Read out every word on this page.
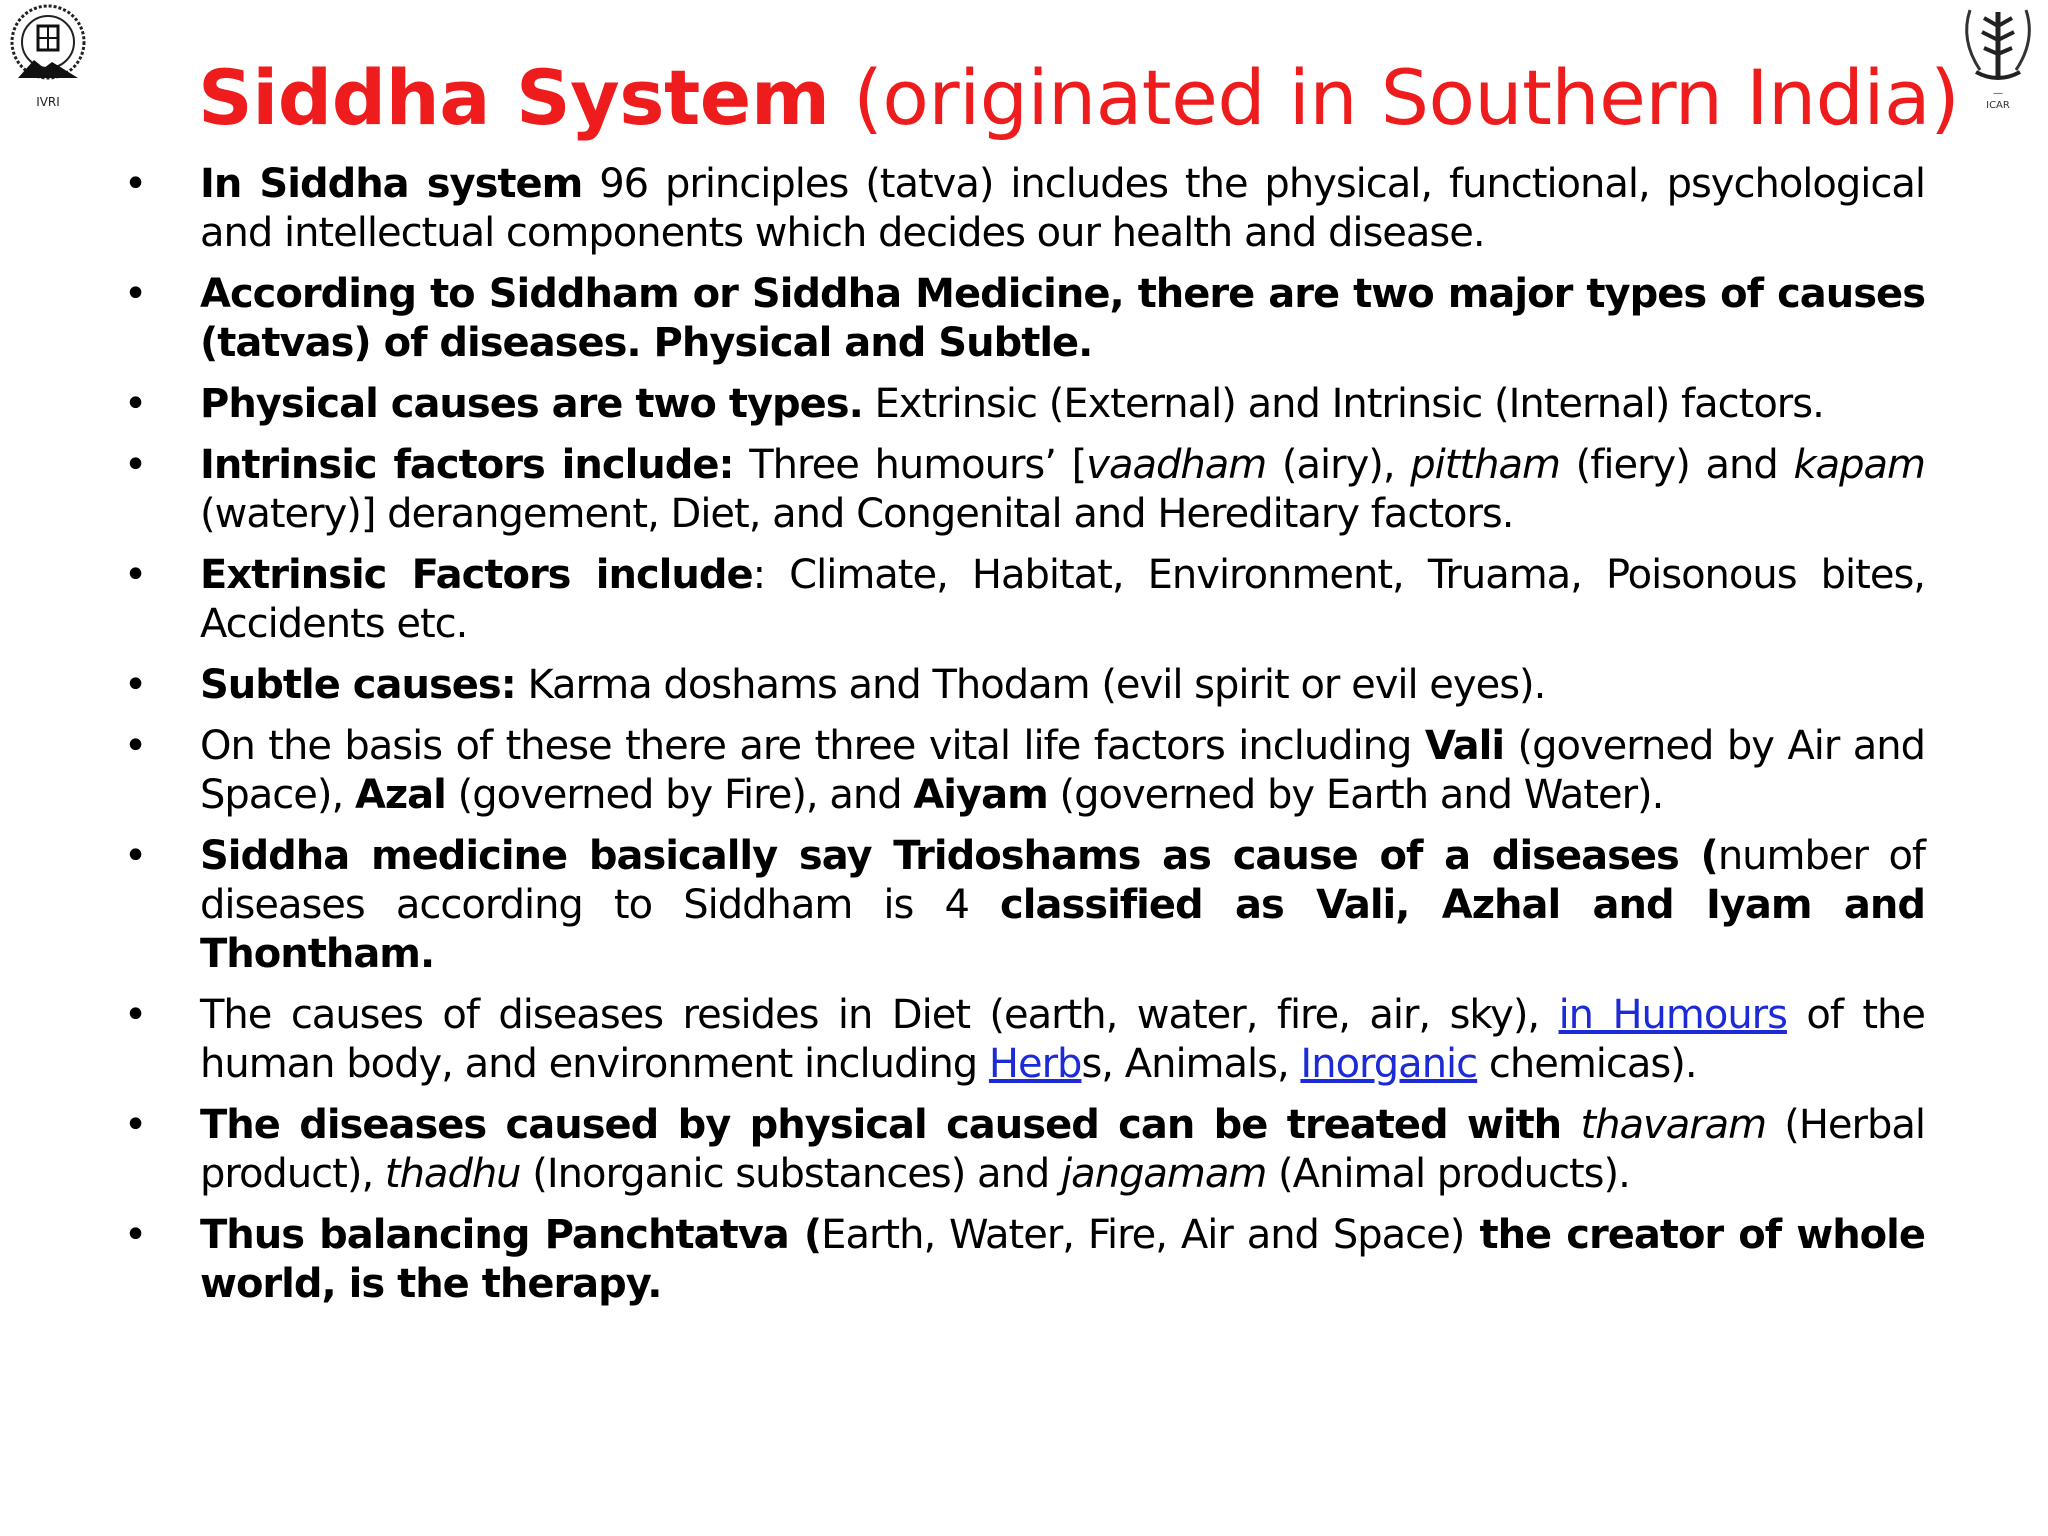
IVRI
—
ICAR
Siddha System (originated in Southern India)
• In Siddha system 96 principles (tatva) includes the physical, functional, psychological and intellectual components which decides our health and disease.
• According to Siddham or Siddha Medicine, there are two major types of causes (tatvas) of diseases. Physical and Subtle.
• Physical causes are two types. Extrinsic (External) and Intrinsic (Internal) factors.
• Intrinsic factors include: Three humours’ [vaadham (airy), pittham (fiery) and kapam (watery)] derangement, Diet, and Congenital and Hereditary factors.
• Extrinsic Factors include: Climate, Habitat, Environment, Truama, Poisonous bites, Accidents etc.
• Subtle causes: Karma doshams and Thodam (evil spirit or evil eyes).
• On the basis of these there are three vital life factors including Vali (governed by Air and Space), Azal (governed by Fire), and Aiyam (governed by Earth and Water).
• Siddha medicine basically say Tridoshams as cause of a diseases (number of diseases according to Siddham is 4 classified as Vali, Azhal and Iyam and Thontham.
• The causes of diseases resides in Diet (earth, water, fire, air, sky), in Humours of the human body, and environment including Herbs, Animals, Inorganic chemicas).
• The diseases caused by physical caused can be treated with thavaram (Herbal product), thadhu (Inorganic substances) and jangamam (Animal products).
• Thus balancing Panchtatva (Earth, Water, Fire, Air and Space) the creator of whole world, is the therapy.
